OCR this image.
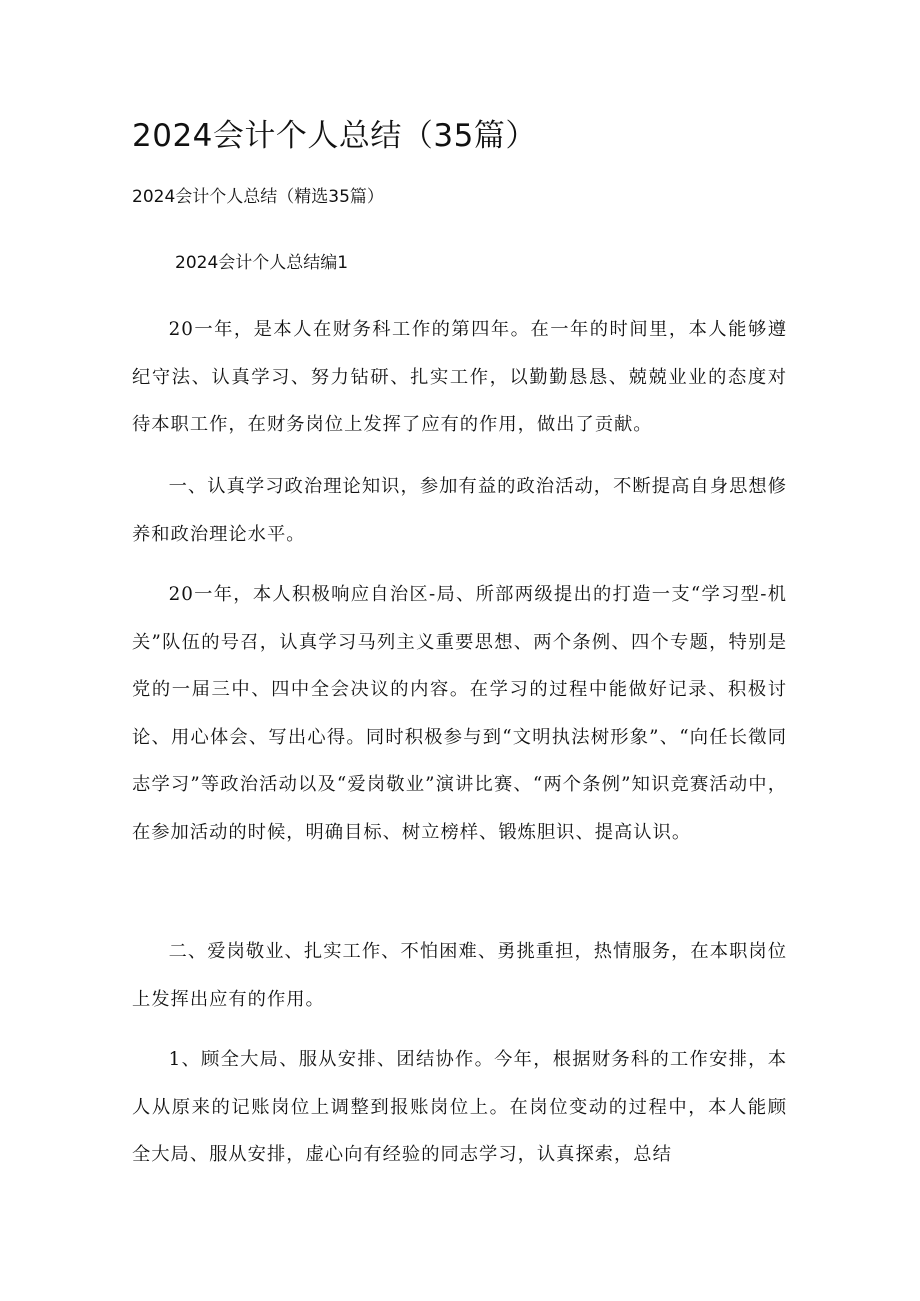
2024会计个人总结（35篇）

2024会计个人总结（精选35篇）

2024会计个人总结编1

20一年，是本人在财务科工作的第四年。在一年的时间里，本人能够遵纪守法、认真学习、努力钻研、扎实工作，以勤勤恳恳、兢兢业业的态度对待本职工作，在财务岗位上发挥了应有的作用，做出了贡献。

一、认真学习政治理论知识，参加有益的政治活动，不断提高自身思想修养和政治理论水平。

20一年，本人积极响应自治区-局、所部两级提出的打造一支“学习型-机关”队伍的号召，认真学习马列主义重要思想、两个条例、四个专题，特别是党的一届三中、四中全会决议的内容。在学习的过程中能做好记录、积极讨论、用心体会、写出心得。同时积极参与到“文明执法树形象”、“向任长徵同志学习”等政治活动以及“爱岗敬业”演讲比赛、“两个条例”知识竞赛活动中，在参加活动的时候，明确目标、树立榜样、锻炼胆识、提高认识。

二、爱岗敬业、扎实工作、不怕困难、勇挑重担，热情服务，在本职岗位上发挥出应有的作用。

1、顾全大局、服从安排、团结协作。今年，根据财务科的工作安排，本人从原来的记账岗位上调整到报账岗位上。在岗位变动的过程中，本人能顾全大局、服从安排，虚心向有经验的同志学习，认真探索，总结
